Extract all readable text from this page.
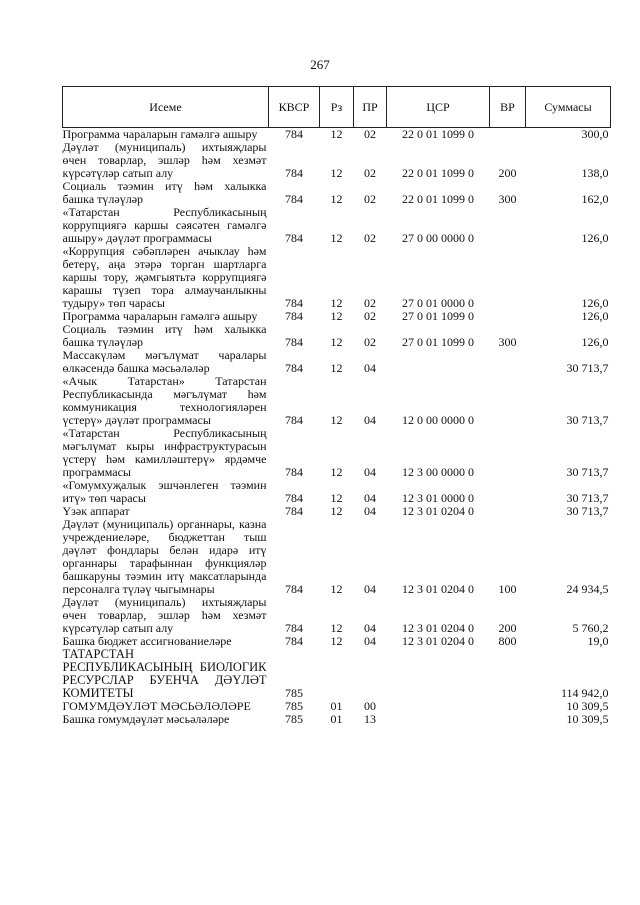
267
Исеме	КВСР	Рз	ПР	ЦСР	ВР	Суммасы
Программа чараларын гамәлгә ашыру	784	12	02	22 0 01 1099 0		300,0
Дәүләт (муниципаль) ихтыяҗлары өчен товарлар, эшләр һәм хезмәт күрсәтүләр сатып алу	784	12	02	22 0 01 1099 0	200	138,0
Социаль тәэмин итү һәм халыкка башка түләүләр	784	12	02	22 0 01 1099 0	300	162,0
«Татарстан Республикасының коррупциягә каршы сәясәтен гамәлгә ашыру» дәүләт программасы	784	12	02	27 0 00 0000 0		126,0
«Коррупция сәбәпләрен ачыклау һәм бетерү, аңа этәрә торган шартларга каршы тору, җәмгыятьтә коррупциягә карашы түзеп тора алмаучанлыкны тудыру» төп чарасы	784	12	02	27 0 01 0000 0		126,0
Программа чараларын гамәлгә ашыру	784	12	02	27 0 01 1099 0		126,0
Социаль тәэмин итү һәм халыкка башка түләүләр	784	12	02	27 0 01 1099 0	300	126,0
Массакүләм мәгълүмат чаралары өлкәсендә башка мәсьәләләр	784	12	04			30 713,7
«Ачык Татарстан» Татарстан Республикасында мәгълүмат һәм коммуникация технологияләрен үстерү» дәүләт программасы	784	12	04	12 0 00 0000 0		30 713,7
«Татарстан Республикасының мәгълүмат кыры инфраструктурасын үстерү һәм камилләштерү» ярдәмче программасы	784	12	04	12 3 00 0000 0		30 713,7
«Гомумхуҗалык эшчәнлеген тәэмин итү» төп чарасы	784	12	04	12 3 01 0000 0		30 713,7
Үзәк аппарат	784	12	04	12 3 01 0204 0		30 713,7
Дәүләт (муниципаль) органнары, казна учреждениеләре, бюджеттан тыш дәүләт фондлары белән идарә итү органнары тарафыннан функцияләр башкаруны тәэмин итү максатларында персоналга түләү чыгымнары	784	12	04	12 3 01 0204 0	100	24 934,5
Дәүләт (муниципаль) ихтыяҗлары өчен товарлар, эшләр һәм хезмәт күрсәтүләр сатып алу	784	12	04	12 3 01 0204 0	200	5 760,2
Башка бюджет ассигнованиеләре	784	12	04	12 3 01 0204 0	800	19,0
ТАТАРСТАН РЕСПУБЛИКАСЫНЫҢ БИОЛОГИК РЕСУРСЛАР БУЕНЧА ДӘҮЛӘТ КОМИТЕТЫ	785					114 942,0
ГОМУМДӘҮЛӘТ МӘСЬӘЛӘЛӘРЕ	785	01	00			10 309,5
Башка гомумдәүләт мәсьәләләре	785	01	13			10 309,5
